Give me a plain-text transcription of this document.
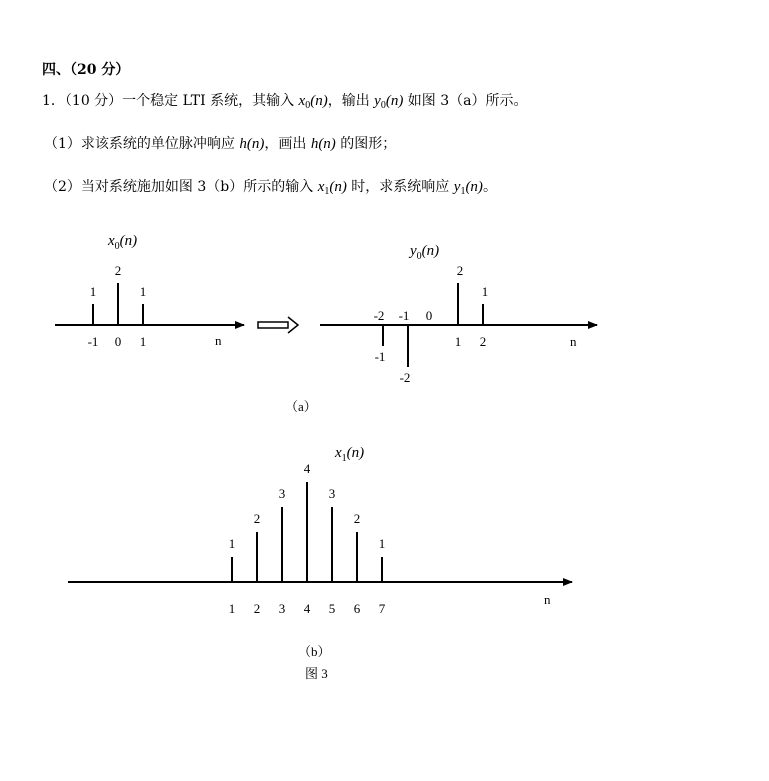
四、（20 分）
1．（10 分）一个稳定 LTI 系统，其输入 $x_0(n)$，输出 $y_0(n)$ 如图 3（a）所示。
（1）求该系统的单位脉冲响应 h(n)，画出 h(n) 的图形；
（2）当对系统施加如图 3（b）所示的输入 $x_1(n)$ 时，求系统响应 $y_1(n)$。
$x_0(n)$
n
1
-1
2
0
1
1
$y_0(n)$
n
-1
-2
-2
-1 0
2
1
1
2
（a）
$x_1(n)$
n
1
1
2
2
3
3
4
4
3
5
2
6
1
7
（b）
图 3
